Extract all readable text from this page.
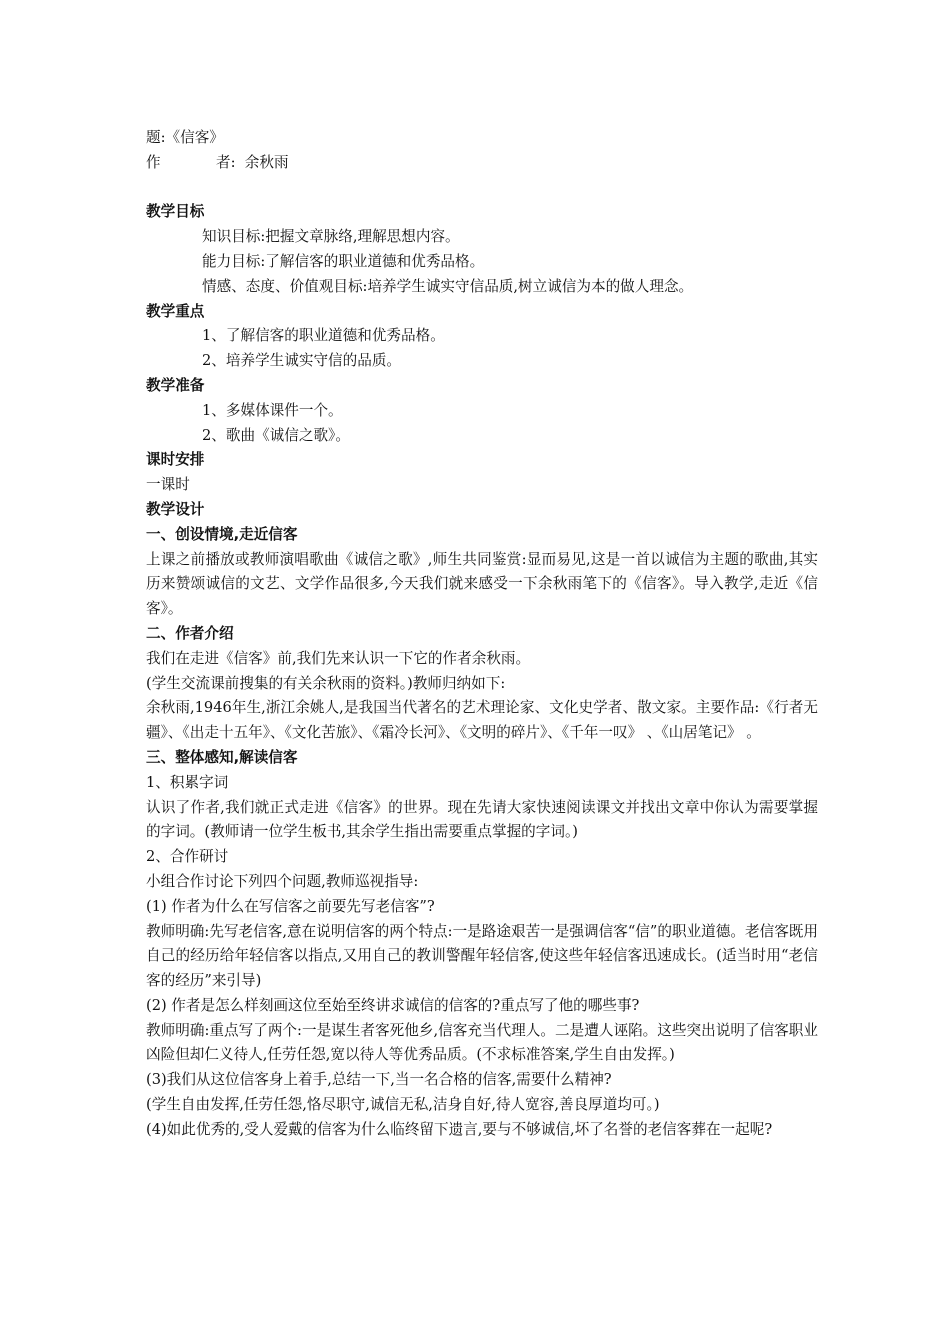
题:《信客》

作	者: 余秋雨

教学目标

知识目标:把握文章脉络,理解思想内容。

能力目标:了解信客的职业道德和优秀品格。

情感、态度、价值观目标:培养学生诚实守信品质,树立诚信为本的做人理念。

教学重点

1、了解信客的职业道德和优秀品格。

2、培养学生诚实守信的品质。

教学准备

1、多媒体课件一个。

2、歌曲《诚信之歌》。

课时安排

一课时

教学设计

一、创设情境,走近信客

上课之前播放或教师演唱歌曲《诚信之歌》,师生共同鉴赏:显而易见,这是一首以诚信为主题的歌曲,其实历来赞颂诚信的文艺、文学作品很多,今天我们就来感受一下余秋雨笔下的《信客》。导入教学,走近《信客》。

二、作者介绍

我们在走进《信客》前,我们先来认识一下它的作者余秋雨。

(学生交流课前搜集的有关余秋雨的资料。)教师归纳如下:

余秋雨,1946年生,浙江余姚人,是我国当代著名的艺术理论家、文化史学者、散文家。主要作品:《行者无疆》、《出走十五年》、《文化苦旅》、《霜冷长河》、《文明的碎片》、《千年一叹》 、《山居笔记》 。

三、整体感知,解读信客

1、积累字词

认识了作者,我们就正式走进《信客》的世界。现在先请大家快速阅读课文并找出文章中你认为需要掌握的字词。(教师请一位学生板书,其余学生指出需要重点掌握的字词。)

2、合作研讨

小组合作讨论下列四个问题,教师巡视指导:

(1) 作者为什么在写信客之前要先写老信客”?

教师明确:先写老信客,意在说明信客的两个特点:一是路途艰苦一是强调信客“信”的职业道德。老信客既用自己的经历给年轻信客以指点,又用自己的教训警醒年轻信客,使这些年轻信客迅速成长。(适当时用“老信客的经历”来引导)

(2) 作者是怎么样刻画这位至始至终讲求诚信的信客的?重点写了他的哪些事?

教师明确:重点写了两个:一是谋生者客死他乡,信客充当代理人。二是遭人诬陷。这些突出说明了信客职业凶险但却仁义待人,任劳任怨,宽以待人等优秀品质。(不求标准答案,学生自由发挥。)

(3)我们从这位信客身上着手,总结一下,当一名合格的信客,需要什么精神?

(学生自由发挥,任劳任怨,恪尽职守,诚信无私,洁身自好,待人宽容,善良厚道均可。)

(4)如此优秀的,受人爱戴的信客为什么临终留下遗言,要与不够诚信,坏了名誉的老信客葬在一起呢?
